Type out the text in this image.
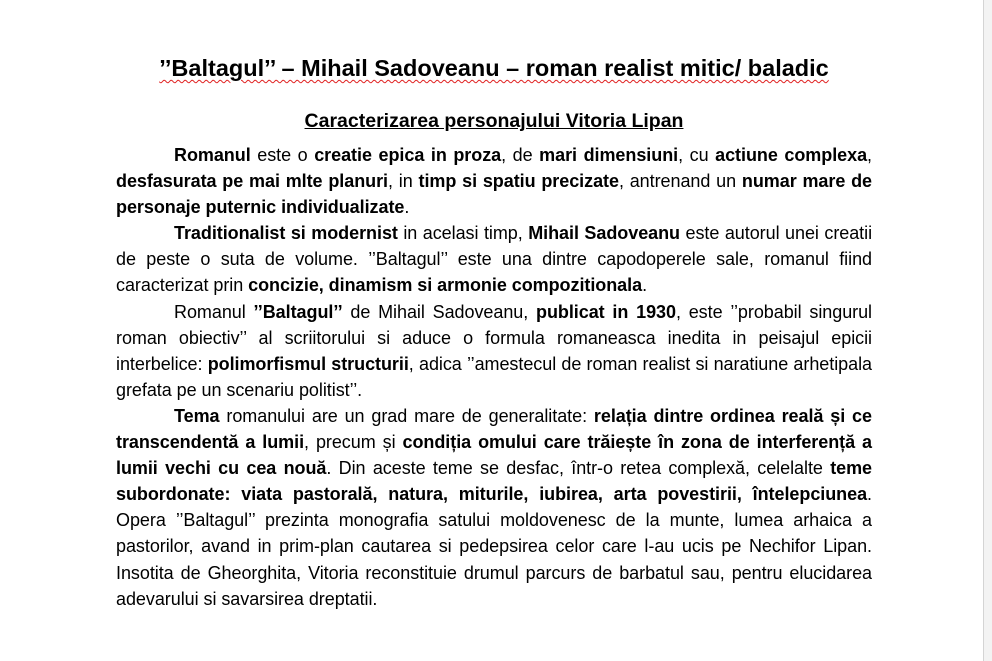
’’Baltagul’’ – Mihail Sadoveanu – roman realist mitic/ baladic
Caracterizarea personajului Vitoria Lipan

Romanul este o creatie epica in proza, de mari dimensiuni, cu actiune complexa, desfasurata pe mai mlte planuri, in timp si spatiu precizate, antrenand un numar mare de personaje puternic individualizate.

Traditionalist si modernist in acelasi timp, Mihail Sadoveanu este autorul unei creatii de peste o suta de volume. ’’Baltagul’’ este una dintre capodoperele sale, romanul fiind caracterizat prin concizie, dinamism si armonie compozitionala.

Romanul ’’Baltagul’’ de Mihail Sadoveanu, publicat in 1930, este ’’probabil singurul roman obiectiv’’ al scriitorului si aduce o formula romaneasca inedita in peisajul epicii interbelice: polimorfismul structurii, adica ’’amestecul de roman realist si naratiune arhetipala grefata pe un scenariu politist’’.

Tema romanului are un grad mare de generalitate: relația dintre ordinea reală și ce transcendentă a lumii, precum și condiția omului care trăiește în zona de interferență a lumii vechi cu cea nouă. Din aceste teme se desfac, într-o retea complexă, celelalte teme subordonate: viata pastorală, natura, miturile, iubirea, arta povestirii, întelepciunea. Opera ’’Baltagul’’ prezinta monografia satului moldovenesc de la munte, lumea arhaica a pastorilor, avand in prim-plan cautarea si pedepsirea celor care l-au ucis pe Nechifor Lipan. Insotita de Gheorghita, Vitoria reconstituie drumul parcurs de barbatul sau, pentru elucidarea adevarului si savarsirea dreptatii.
